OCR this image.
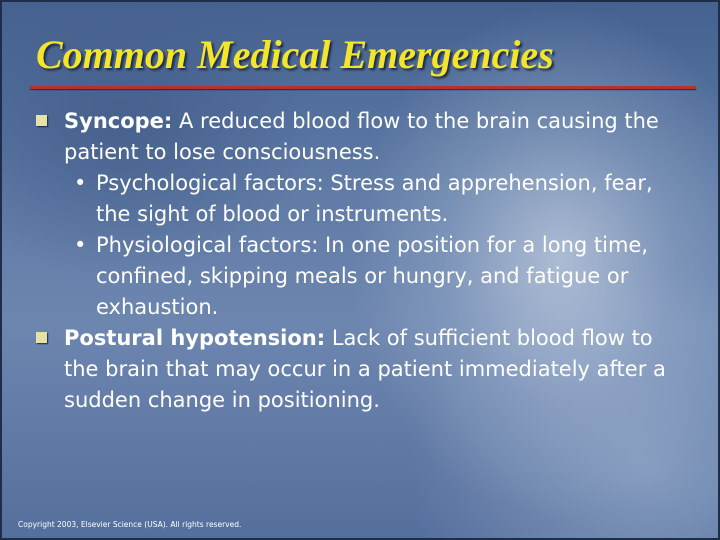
Common Medical Emergencies
Syncope: A reduced blood flow to the brain causing the patient to lose consciousness.
• Psychological factors: Stress and apprehension, fear, the sight of blood or instruments.
• Physiological factors: In one position for a long time, confined, skipping meals or hungry, and fatigue or exhaustion.
Postural hypotension: Lack of sufficient blood flow to the brain that may occur in a patient immediately after a sudden change in positioning.
Copyright 2003, Elsevier Science (USA). All rights reserved.
